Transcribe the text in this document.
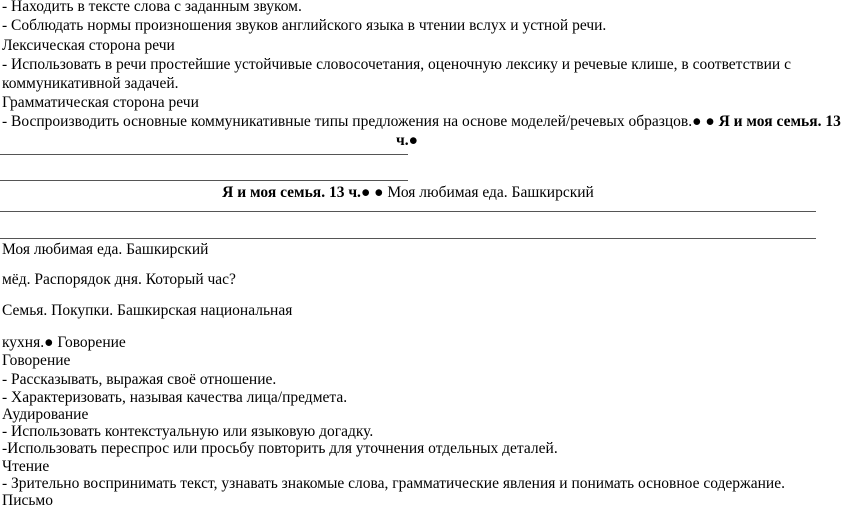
- Находить в тексте слова с заданным звуком.
- Соблюдать нормы произношения звуков английского языка в чтении вслух и устной речи.
Лексическая сторона речи
- Использовать в речи простейшие устойчивые словосочетания, оценочную лексику и речевые клише, в соответствии с
коммуникативной задачей.
Грамматическая сторона речи
- Воспроизводить основные коммуникативные типы предложения на основе моделей/речевых образцов.● ● Я и моя семья. 13
ч.●
Я и моя семья. 13 ч.● ● Моя любимая еда. Башкирский
Моя любимая еда. Башкирский
мёд. Распорядок дня. Который час?
Семья. Покупки. Башкирская национальная
кухня.● Говорение
Говорение
- Рассказывать, выражая своё отношение.
- Характеризовать, называя качества лица/предмета.
Аудирование
- Использовать контекстуальную или языковую догадку.
-Использовать переспрос или просьбу повторить для уточнения отдельных деталей.
Чтение
- Зрительно воспринимать текст, узнавать знакомые слова, грамматические явления и понимать основное содержание.
Письмо
